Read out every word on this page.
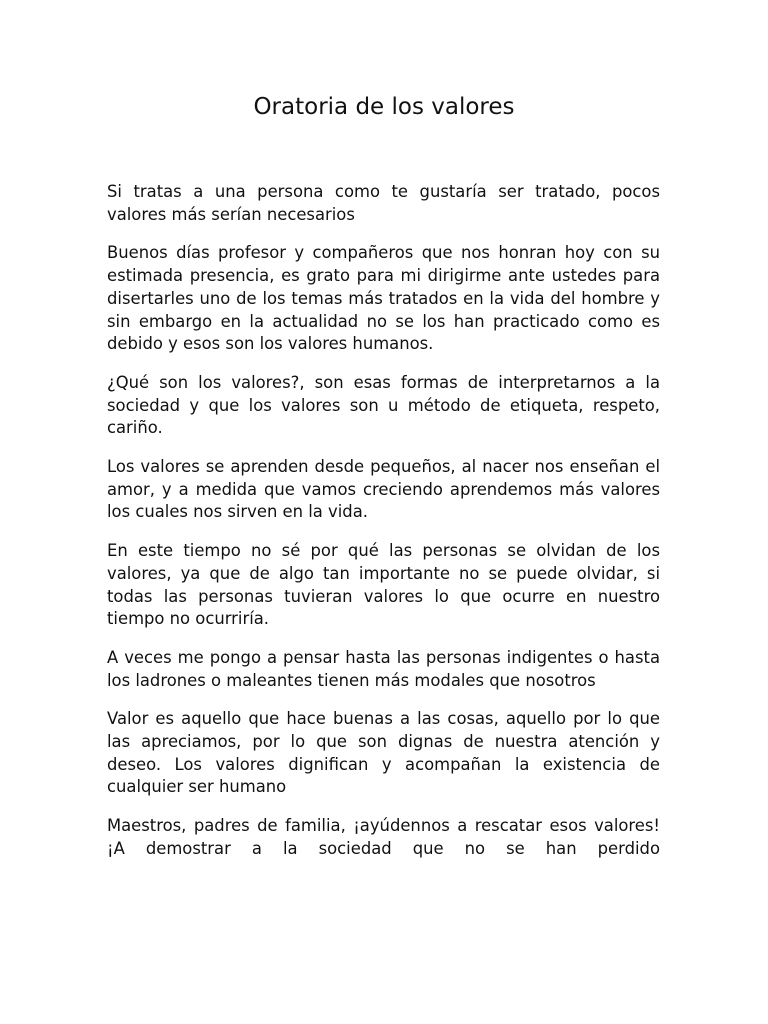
Oratoria de los valores

Si tratas a una persona como te gustaría ser tratado, pocos valores más serían necesarios

Buenos días profesor y compañeros que nos honran hoy con su estimada presencia, es grato para mi dirigirme ante ustedes para disertarles uno de los temas más tratados en la vida del hombre y sin embargo en la actualidad no se los han practicado como es debido y esos son los valores humanos.

¿Qué son los valores?, son esas formas de interpretarnos a la sociedad y que los valores son u método de etiqueta, respeto, cariño.

Los valores se aprenden desde pequeños, al nacer nos enseñan el amor, y a medida que vamos creciendo aprendemos más valores los cuales nos sirven en la vida.

En este tiempo no sé por qué las personas se olvidan de los valores, ya que de algo tan importante no se puede olvidar, si todas las personas tuvieran valores lo que ocurre en nuestro tiempo no ocurriría.

A veces me pongo a pensar hasta las personas indigentes o hasta los ladrones o maleantes tienen más modales que nosotros

Valor es aquello que hace buenas a las cosas, aquello por lo que las apreciamos, por lo que son dignas de nuestra atención y deseo. Los valores dignifican y acompañan la existencia de cualquier ser humano

Maestros, padres de familia, ¡ayúdennos a rescatar esos valores! ¡A demostrar a la sociedad que no se han perdido
